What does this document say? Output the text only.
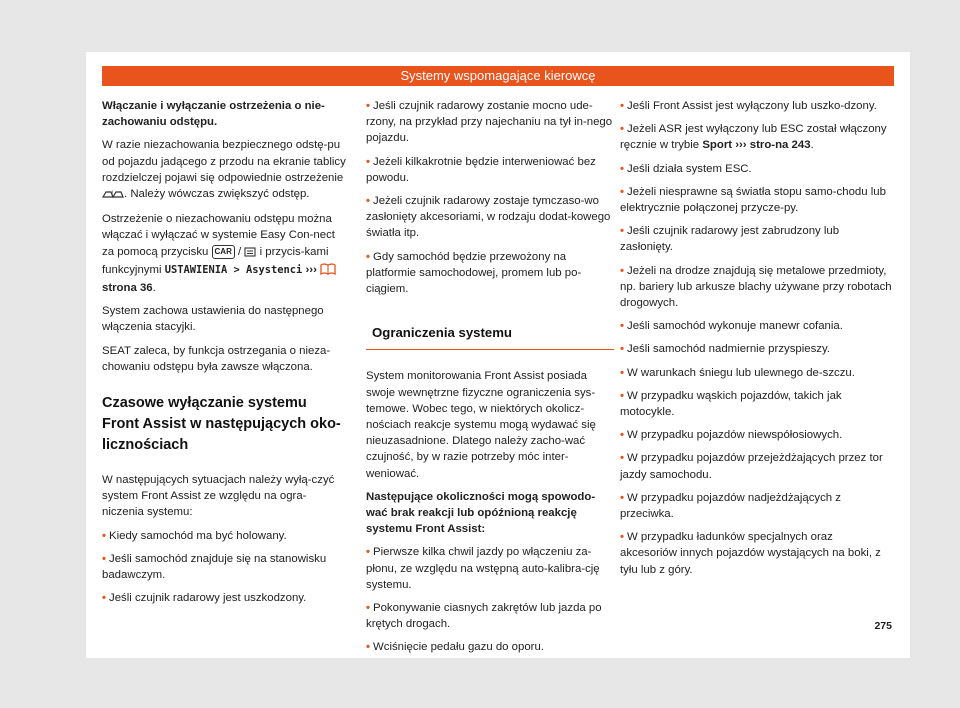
Systemy wspomagające kierowcę

Włączanie i wyłączanie ostrzeżenia o nie-zachowaniu odstępu.

W razie niezachowania bezpiecznego odstę-pu od pojazdu jadącego z przodu na ekranie tablicy rozdzielczej pojawi się odpowiednie ostrzeżenie
! . Należy wówczas zwiększyć odstęp.

Ostrzeżenie o niezachowaniu odstępu można włączać i wyłączać w systemie Easy Con-nect za pomocą przycisku CAR / i przycis-kami funkcyjnymi USTAWIENIA > Asystenci ›››  strona 36.

System zachowa ustawienia do następnego włączenia stacyjki.

SEAT zaleca, by funkcja ostrzegania o nieza-chowaniu odstępu była zawsze włączona.

Czasowe wyłączanie systemu Front Assist w następujących oko-licznościach

W następujących sytuacjach należy wyłą-czyć system Front Assist ze względu na ogra-niczenia systemu:

• Kiedy samochód ma być holowany.
• Jeśli samochód znajduje się na stanowisku badawczym.
• Jeśli czujnik radarowy jest uszkodzony.
• Jeśli czujnik radarowy zostanie mocno ude-rzony, na przykład przy najechaniu na tył in-nego pojazdu.
• Jeżeli kilkakrotnie będzie interweniować bez powodu.
• Jeżeli czujnik radarowy zostaje tymczaso-wo zasłonięty akcesoriami, w rodzaju dodat-kowego światła itp.
• Gdy samochód będzie przewożony na platformie samochodowej, promem lub po-ciągiem.
Ograniczenia systemu

System monitorowania Front Assist posiada swoje wewnętrzne fizyczne ograniczenia sys-temowe. Wobec tego, w niektórych okolicz-nościach reakcje systemu mogą wydawać się nieuzasadnione. Dlatego należy zacho-wać czujność, by w razie potrzeby móc inter-weniować.

Następujące okoliczności mogą spowodo-wać brak reakcji lub opóźnioną reakcję systemu Front Assist:

• Pierwsze kilka chwil jazdy po włączeniu za-płonu, ze względu na wstępną auto-kalibra-cję systemu.
• Pokonywanie ciasnych zakrętów lub jazda po krętych drogach.
• Wciśnięcie pedału gazu do oporu.
• Jeśli Front Assist jest wyłączony lub uszko-dzony.
• Jeżeli ASR jest wyłączony lub ESC został włączony ręcznie w trybie Sport ››› stro-na 243.
• Jeśli działa system ESC.
• Jeżeli niesprawne są światła stopu samo-chodu lub elektrycznie połączonej przycze-py.
• Jeśli czujnik radarowy jest zabrudzony lub zasłonięty.
• Jeżeli na drodze znajdują się metalowe przedmioty, np. bariery lub arkusze blachy używane przy robotach drogowych.
• Jeśli samochód wykonuje manewr cofania.
• Jeśli samochód nadmiernie przyspieszy.
• W warunkach śniegu lub ulewnego de-szczu.
• W przypadku wąskich pojazdów, takich jak motocykle.
• W przypadku pojazdów niewspółosiowych.
• W przypadku pojazdów przejeżdżających przez tor jazdy samochodu.
• W przypadku pojazdów nadjeżdżających z przeciwka.
• W przypadku ładunków specjalnych oraz akcesoriów innych pojazdów wystających na boki, z tyłu lub z góry.
275
